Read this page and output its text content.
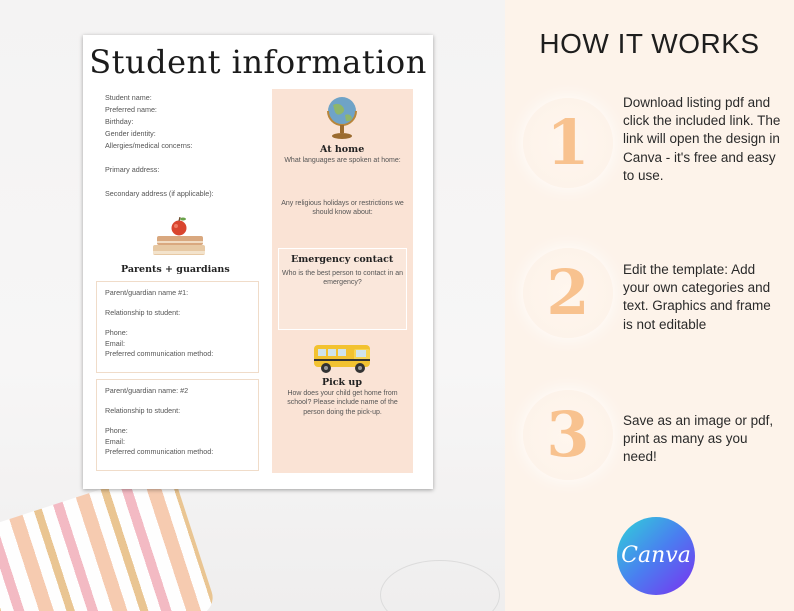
Student information
Student name:
Preferred name:
Birthday:
Gender identity:
Allergies/medical concerns:
Primary address:
Secondary address (if applicable):
Parents + guardians
Parent/guardian name #1:
Relationship to student:
Phone:
Email:
Preferred communication method:
Parent/guardian name: #2
Relationship to student:
Phone:
Email:
Preferred communication method:
At home
What languages are spoken at home:
Any religious holidays or restrictions we should know about:
Emergency contact
Who is the best person to contact in an emergency?
Pick up
How does your child get home from school? Please include name of the person doing the pick-up.
HOW IT WORKS
1
Download listing pdf and click the included link. The link will open the design in Canva - it's free and easy to use.
2	Edit the template: Add your own categories and text. Graphics and frame is not editable
3	Save as an image or pdf, print as many as you need!
Canva
